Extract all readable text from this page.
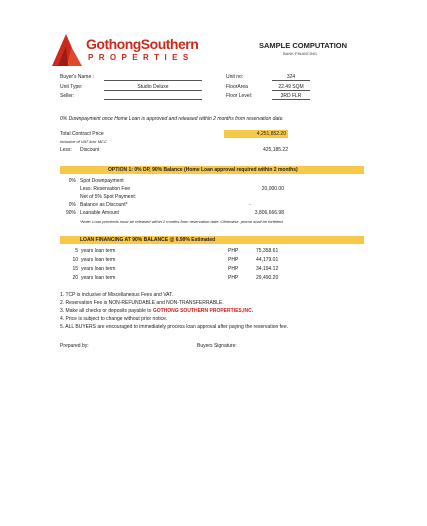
GothongSouthern
PROPERTIES
SAMPLE COMPUTATION
BANK FINANCING
Buyer's Name :
Unit Type:	Studio Deluxe
Seller:
Unit no:	324
FloorArea	22.49 SQM
Floor Level:	3RD FLR
0% Downpayment once Home Loan is approved and released within 2 months from reservation date.
Total Contract Price	4,251,852.20
inclusive of VAT &/or MCC
Less: Discount	425,185.22
OPTION 1: 0% DP, 90% Balance (Home Loan approval required within 2 months)
0% Spot Downpayment
Less: Reservation Fee	20,000.00
Net of 5% Spot Payment:
0% Balance as Discount*	-
90% Loanable Amount	3,806,666.98
*Note: Loan proceeds must be released within 2 months from reservation date. Otherwise, promo shall be forfeited.
LOAN FINANCING AT 90% BALANCE @ 6.99% Estimated
5 years loan term	PHP	75,358.61
10 years loan term	PHP	44,179.01
15 years loan term	PHP	34,194.12
20 years loan term	PHP	29,490.20
1. TCP is inclusive of Miscellaneous Fees and VAT.
2. Reservation Fee is NON-REFUNDABLE and NON-TRANSFERRABLE.
3. Make all checks or deposits payable to GOTHONG SOUTHERN PROPERTIES,INC.
4. Price is subject to change without prior notice.
5. ALL BUYERS are encouraged to immediately process loan approval after paying the reservation fee.
Prepared by:	Buyers Signature:
